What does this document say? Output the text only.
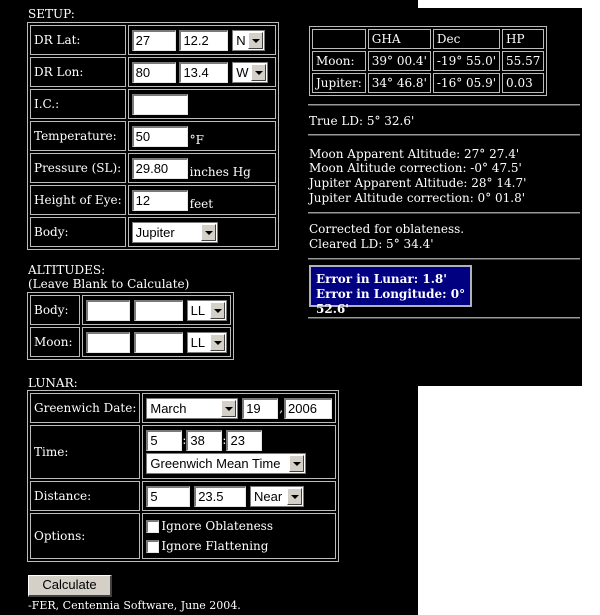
SETUP:
DR Lat:	27 12.2 N

DR Lon:	80 13.4 W

I.C.:	
Temperature:	50 °F
Pressure (SL):	29.80 inches Hg
Height of Eye:	12 feet
Body:	Jupiter
ALTITUDES:
(Leave Blank to Calculate)
Body:	LL

Moon:	LL
LUNAR:
Greenwich Date:	March 19 , 2006
Time:	5 : 38 : 23
Greenwich Mean Time

Distance:	5 23.5 Near

Options:	Ignore Oblateness
Ignore Flattening
Calculate
-FER, Centennia Software, June 2004.
	GHA	Dec	HP
Moon:	39° 00.4'	-19° 55.0'	55.57
Jupiter:	34° 46.8'	-16° 05.9'	0.03
True LD: 5° 32.6'
Moon Apparent Altitude: 27° 27.4'
Moon Altitude correction: -0° 47.5'
Jupiter Apparent Altitude: 28° 14.7'
Jupiter Altitude correction: 0° 01.8'
Corrected for oblateness.
Cleared LD: 5° 34.4'
Error in Lunar: 1.8'
Error in Longitude: 0° 52.6'
